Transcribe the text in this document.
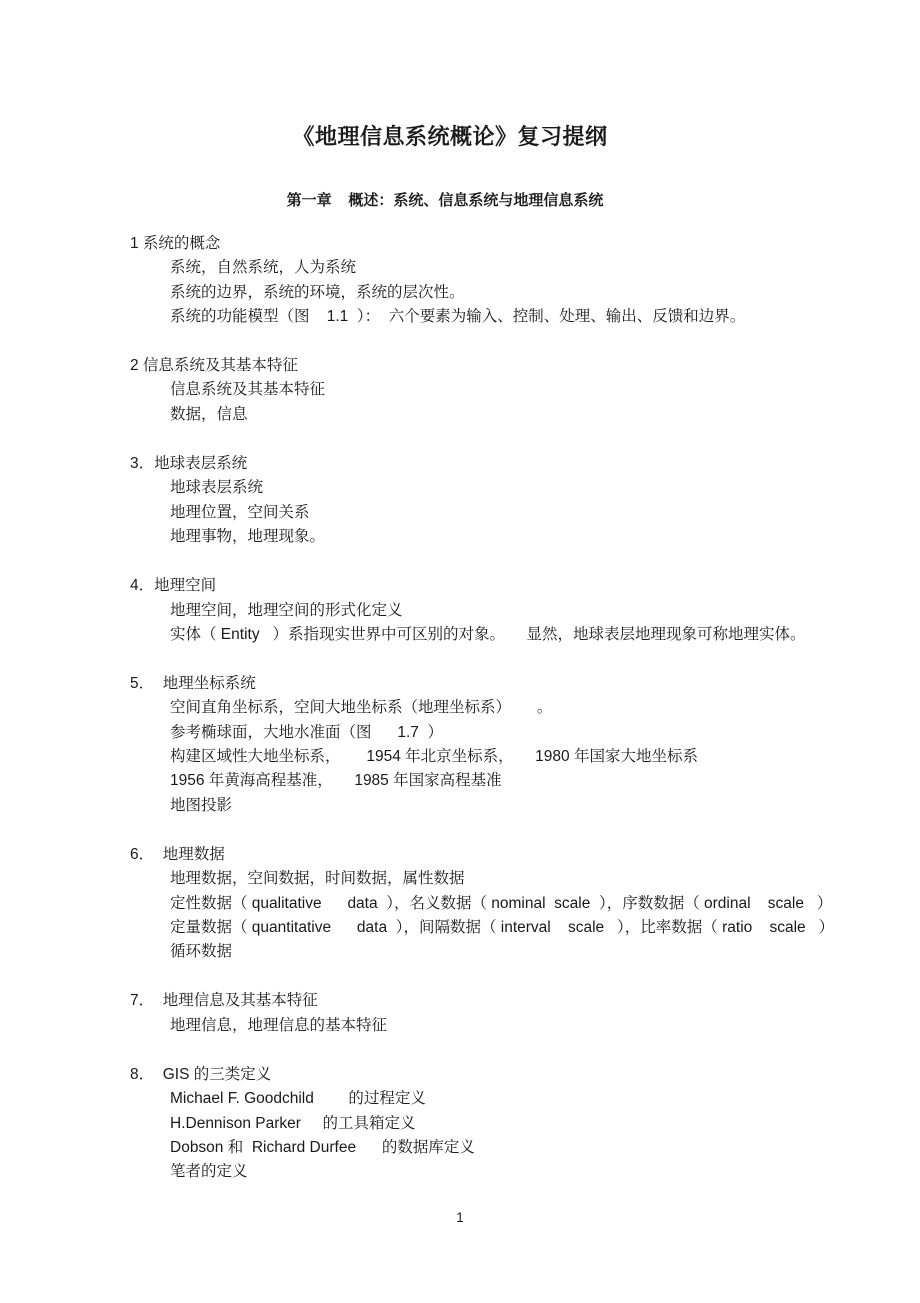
《地理信息系统概论》复习提纲
第一章    概述：系统、信息系统与地理信息系统
1 系统的概念
系统，自然系统，人为系统
系统的边界，系统的环境，系统的层次性。
系统的功能模型（图    1.1  ）：  六个要素为输入、控制、处理、输出、反馈和边界。
2 信息系统及其基本特征
信息系统及其基本特征
数据，信息
3．地球表层系统
地球表层系统
地理位置，空间关系
地理事物，地理现象。
4．地理空间
地理空间，地理空间的形式化定义
实体（ Entity   ）系指现实世界中可区别的对象。     显然，地球表层地理现象可称地理实体。
5．  地理坐标系统
空间直角坐标系，空间大地坐标系（地理坐标系）      。
参考椭球面，大地水准面（图      1.7  ）
构建区域性大地坐标系，      1954 年北京坐标系，     1980 年国家大地坐标系
1956 年黄海高程基准，     1985 年国家高程基准
地图投影
6．  地理数据
地理数据，空间数据，时间数据，属性数据
定性数据（ qualitative      data  ），名义数据（ nominal  scale  ），序数数据（ ordinal    scale   ）
定量数据（ quantitative      data  ），间隔数据（ interval    scale   ），比率数据（ ratio    scale   ）
循环数据
7．  地理信息及其基本特征
地理信息，地理信息的基本特征
8．  GIS 的三类定义
Michael F. Goodchild        的过程定义
H.Dennison Parker     的工具箱定义
Dobson 和  Richard Durfee      的数据库定义
笔者的定义
1
